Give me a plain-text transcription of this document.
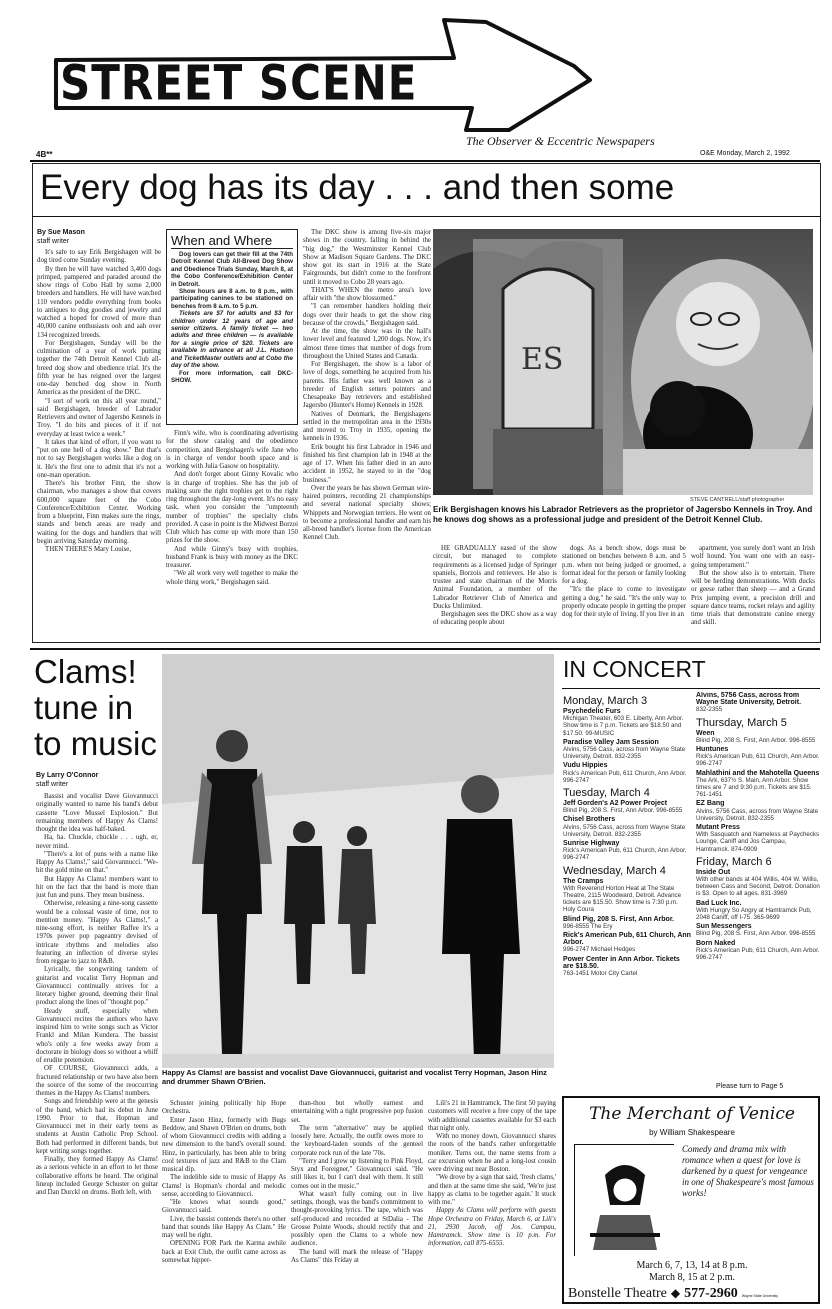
STREET SCENE
The Observer & Eccentric Newspapers
4B**	O&E Monday, March 2, 1992
Every dog has its day . . . and then some
By Sue Mason
staff writer

It's safe to say Erik Bergishagen will be dog tired come Sunday evening.

By then he will have watched 3,400 dogs primped, pampered and paraded around the show rings of Cobo Hall by some 2,000 breeders and handlers. He will have watched 110 vendors peddle everything from books to antiques to dog goodies and jewelry and watched a hoped for crowd of more than 40,000 canine enthusiasts ooh and aah over 134 recognized breeds.

For Bergishagen, Sunday will be the culmination of a year of work putting together the 74th Detroit Kennel Club all-breed dog show and obedience trial. It's the fifth year he has reigned over the largest one-day benched dog show in North America as the president of the DKC.

"I sort of work on this all year round," said Bergishagen, breeder of Labrador Retrievers and owner of Jagersbo Kennels in Troy. "I do bits and pieces of it if not everyday at least twice a week."

It takes that kind of effort, if you want to "put on one hell of a dog show." But that's not to say Bergishagen works like a dog on it. He's the first one to admit that it's not a one-man operation.

There's his brother Finn, the show chairman, who manages a show that covers 600,000 square feet of the Cobo Conference/Exhibition Center. Working from a blueprint, Finn makes sure the rings, stands and bench areas are ready and waiting for the dogs and handlers that will begin arriving Saturday morning.

THEN THERE'S Mary Louise,

When and Where

Dog lovers can get their fill at the 74th Detroit Kennel Club All-Breed Dog Show and Obedience Trials Sunday, March 8, at the Cobo Conference/Exhibition Center in Detroit.

Show hours are 8 a.m. to 8 p.m., with participating canines to be stationed on benches from 8 a.m. to 5 p.m.

Tickets are $7 for adults and $3 for children under 12 years of age and senior citizens. A family ticket — two adults and three children — is available for a single price of $20. Tickets are available in advance at all J.L. Hudson and TicketMaster outlets and at Cobo the day of the show.

For more information, call DKC-SHOW.

Finn's wife, who is coordinating advertising for the show catalog and the obedience competition, and Bergishagen's wife Jane who is in charge of vendor booth space and is working with Julia Gasow on hospitality.

And don't forget about Ginny Kovalic who is in charge of trophies. She has the job of making sure the right trophies get to the right ring throughout the day-long event. It's no easy task, when you consider the "umpteenth number of trophies" the specialty clubs provided. A case in point is the Midwest Borzoi Club which has come up with more than 150 prizes for the show.

And while Ginny's busy with trophies, husband Frank is busy with money as the DKC treasurer.

"We all work very well together to make the whole thing work," Bergishagen said.

The DKC show is among five-six major shows in the country, falling in behind the "big dog," the Westminster Kennel Club Show at Madison Square Gardens. The DKC show got its start in 1916 at the State Fairgrounds, but didn't come to the forefront until it moved to Cobo 28 years ago.

THAT'S WHEN the metro area's love affair with "the show blossomed."

"I can remember handlers holding their dogs over their heads to get the show ring because of the crowds," Bergishagen said.

At the time, the show was in the hall's lower level and featured 1,200 dogs. Now, it's almost three times that number of dogs from throughout the United States and Canada.

For Bergishagen, the show is a labor of love of dogs, something he acquired from his parents. His father was well known as a breeder of English setters pointers and Chesapeake Bay retrievers and established Jagersbo (Hunter's Home) Kennels in 1928.

Natives of Denmark, the Bergishagens settled in the metropolitan area in the 1930s and moved to Troy in 1935, opening the kennels in 1936.

Erik bought his first Labrador in 1946 and finished his first champion lab in 1948 at the age of 17. When his father died in an auto accident in 1952, he stayed to in the "dog business."

Over the years he has shown German wire-haired pointers, recording 21 championships and several national specialty shows; Whippets and Norwegian terriers. He went on to become a professional handler and earn his all-breed handler's license from the American Kennel Club.

ES
STEVE CANTRELL/staff photographer
Erik Bergishagen knows his Labrador Retrievers as the proprietor of Jagersbo Kennels in Troy. And he knows dog shows as a professional judge and president of the Detroit Kennel Club.

HE GRADUALLY eased of the show circuit, but managed to complete requirements as a licensed judge of Springer spaniels, Borzois and retrievers. He also is trustee and state chairman of the Morris Animal Foundation, a member of the Labrador Retriever Club of America and Ducks Unlimited.

Bergishagen sees the DKC show as a way of educating people about

dogs. As a bench show, dogs must be stationed on benches between 8 a.m. and 5 p.m. when not being judged or groomed, a format ideal for the person or family looking for a dog.

"It's the place to come to investigate getting a dog," he said. "It's the only way to properly educate people in getting the proper dog for their style of living. If you live in an

apartment, you surely don't want an Irish wolf hound. You want one with an easy-going temperament."

But the show also is to entertain. There will be herding demonstrations. With ducks or geese rather than sheep — and a Grand Prix jumping event, a precision drill and square dance teams, rocket relays and agility time trials that demonstrate canine energy and skill.

Clams!
tune in
to music
By Larry O'Connor
staff writer

Bassist and vocalist Dave Giovannucci originally wanted to name his band's debut cassette "Love Mussel Explosion." But remaining members of Happy As Clams! thought the idea was half-baked.

Ha, ha. Chuckle, chuckle . . . ugh, er, never mind.

"There's a lot of puns with a name like Happy As Clams!," said Giovannucci. "We-hit the gold mine on that."

But Happy As Clams! members want to hit on the fact that the band is more than just fun and puns. They mean business.

Otherwise, releasing a nine-song cassette would be a colossal waste of time, not to mention money. "Happy As Clams!," a nine-song effort, is neither Raffee it's a 1970s power pop pageantry devised of intricate rhythms and melodies also featuring an inflection of diverse styles from reggae to jazz to R&B.

Lyrically, the songwriting tandem of guitarist and vocalist Terry Hopman and Giovannucci continually strives for a literary higher ground, deeming their final product along the lines of "thought pop."

Heady stuff, especially when Giovannucci recites the authors who have inspired him to write songs such as Victor Frankl and Milan Kundera. The bassist who's only a few weeks away from a doctorate in biology does so without a whiff of erudite pretension.

OF COURSE, Giovannucci adds, a fractured relationship or two have also been the source of the some of the reoccurring themes in the Happy As Clams! numbers.

Songs and friendship were at the genesis of the band, which had its debut in June 1990. Prior to that, Hopman and Giovannucci met in their early teens as students at Austin Catholic Prep School. Both had performed in different bands, but kept writing songs together.

Finally, they formed Happy As Clams! as a serious vehicle in an effort to let those collaborative efforts be heard. The original lineup included George Schuster on guitar and Dan Durckl on drums. Both left, with

Happy As Clams! are bassist and vocalist Dave Giovannucci, guitarist and vocalist Terry Hopman, Jason Hinz and drummer Shawn O'Brien.

Schuster joining politically hip Hope Orchestra.

Enter Jason Hinz, formerly with Bugs Beddow, and Shawn O'Brien on drums, both of whom Giovannucci credits with adding a new dimension to the band's overall sound. Hinz, in particularly, has been able to bring cool textures of jazz and R&B to the Clam musical dip.

The indelible side to music of Happy As Clams! is Hopman's chordal and melodic sense, according to Giovannucci.

"He knows what sounds good," Giovannucci said.

Live, the bassist contends there's no other band that sounds like Happy As Clam." He may well be right.

OPENING FOR Park the Karma awhile back at Exit Club, the outfit came across as somewhat hipper-

than-thou but wholly earnest and entertaining with a tight progressive pop fusion set.

The term "alternative" may be applied loosely here. Actually, the outfit owes more to the keyboard-laden sounds of the genteel corporate rock run of the late '70s.

"Terry and I grew up listening to Pink Floyd, Styx and Foreigner," Giovannucci said. "He still likes it, but I can't deal with them. It still comes out in the music."

What wasn't fully coming out in live settings, though, was the band's commitment to thought-provoking lyrics. The tape, which was self-produced and recorded at StDalia - The Grosse Pointe Woods, should rectify that and possibly open the Clams to a whole new audience.

The band will mark the release of "Happy As Clams" this Friday at

Lili's 21 in Hamtramck. The first 50 paying customers will receive a free copy of the tape with additional cassettes available for $3 each that night only.

With no money down, Giovannucci shares the roots of the band's rather unforgettable moniker. Turns out, the name stems from a car excursion when he and a long-lost cousin were driving out near Boston.

"We drove by a sign that said, 'fresh clams,' and then at the same time she said, 'We're just happy as clams to be together again.' It stuck with me."

Happy As Clams will perform with guests Hope Orchestra on Friday, March 6, at Lili's 21, 2930 Jacob, off Jos. Campau, Hamtramck. Show time is 10 p.m. For information, call 875-6555.

IN CONCERT
Monday, March 3
Psychedelic Furs
Michigan Theater, 603 E. Liberty, Ann Arbor. Show time is 7 p.m. Tickets are $18.50 and $17.50. 99-MUSIC
Paradise Valley Jam Session
Alvins, 5756 Cass, across from Wayne State University, Detroit. 832-2355
Vudu Hippies
Rick's American Pub, 611 Church, Ann Arbor. 996-2747
Tuesday, March 4
Jeff Gorden's A2 Power Project
Blind Pig, 208 S. First, Ann Arbor. 996-8555
Chisel Brothers
Alvins, 5756 Cass, across from Wayne State University, Detroit. 832-2355
Sunrise Highway
Rick's American Pub, 611 Church, Ann Arbor. 996-2747
Wednesday, March 4
The Cramps
With Reverend Horton Heat at The State Theatre, 2115 Woodward, Detroit. Advance tickets are $15.50. Show time is 7:30 p.m. Holy Coura
Blind Pig, 208 S. First, Ann Arbor.
996-8555 The Ery
Rick's American Pub, 611 Church, Ann Arbor.
996-2747 Michael Hedges
Power Center in Ann Arbor. Tickets are $18.50.
763-1451 Motor City Cartel
Alvins, 5756 Cass, across from Wayne State University, Detroit.
832-2355
Thursday, March 5
Ween
Blind Pig, 208 S. First, Ann Arbor. 996-8555
Huntunes
Rick's American Pub, 611 Church, Ann Arbor. 996-2747
Mahlathini and the Mahotella Queens
The Ark, 637½ S. Main, Ann Arbor. Show times are 7 and 9:30 p.m. Tickets are $15. 761-1451
EZ Bang
Alvins, 5756 Cass, across from Wayne State University, Detroit. 832-2355
Mutant Press
With Sasquatch and Nameless at Paychecks Lounge, Caniff and Jos Campau, Hamtramck. 874-0909
Friday, March 6
Inside Out
With other bands at 404 Willis, 404 W. Willis, between Cass and Second, Detroit. Donation is $3. Open to all ages. 831-3969
Bad Luck Inc.
With Hungry So Angry at Hamtramck Pub, 2048 Caniff, off I-75. 365-9699
Sun Messengers
Blind Pig, 208 S. First, Ann Arbor. 996-8555
Born Naked
Rick's American Pub, 611 Church, Ann Arbor. 996-2747
Please turn to Page 5
The Merchant of Venice
by William Shakespeare
Comedy and drama mix with romance when a quest for love is darkened by a quest for vengeance in one of Shakespeare's most famous works!
March 6, 7, 13, 14 at 8 p.m.
March 8, 15 at 2 p.m.
Bonstelle Theatre ◆ 577-2960 Wayne State University
